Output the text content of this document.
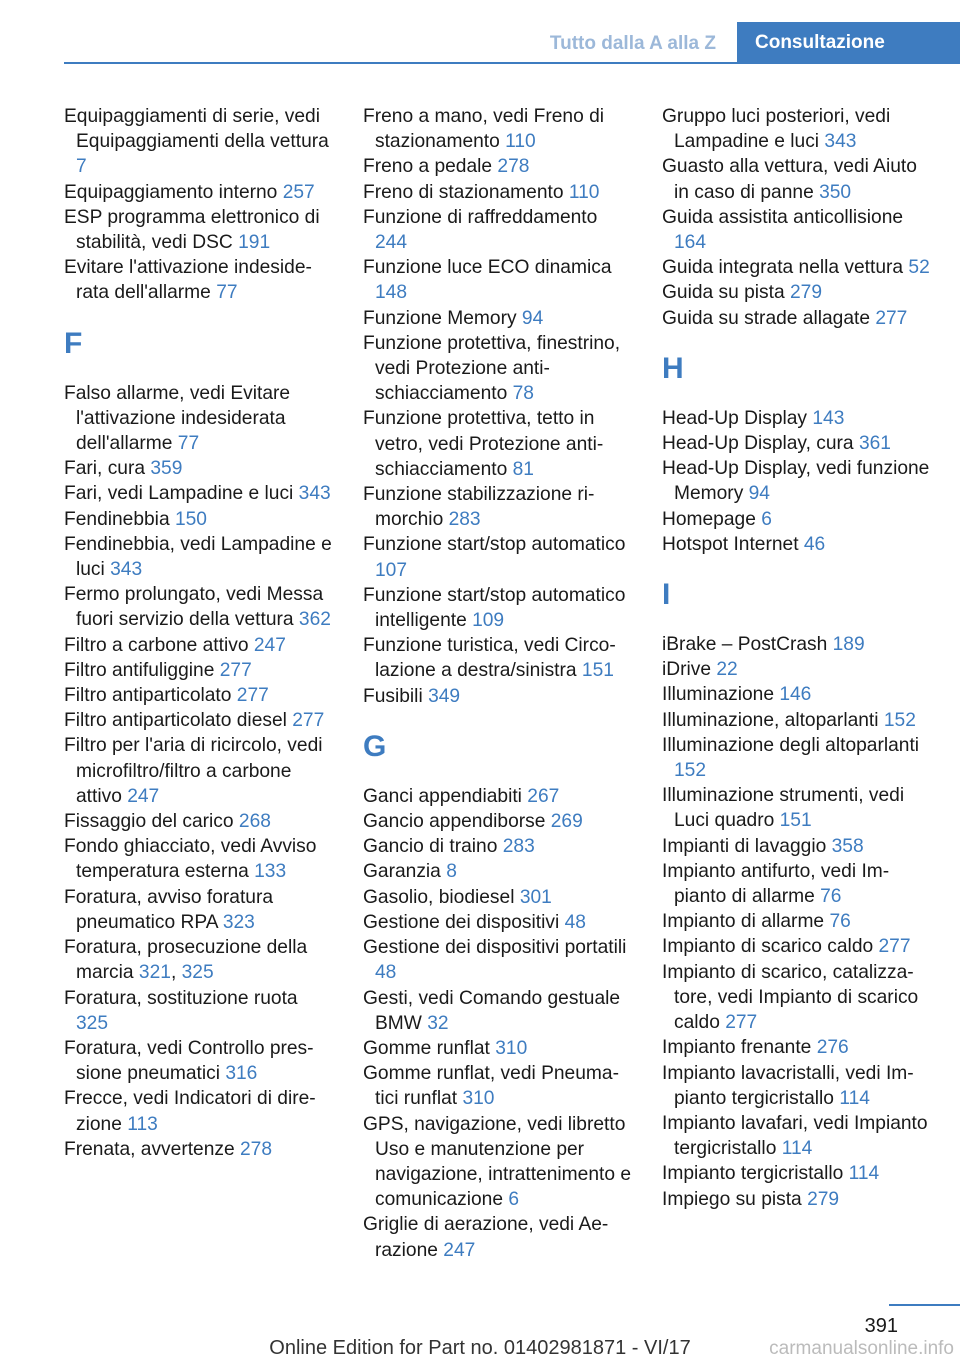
Tutto dalla A alla Z	Consultazione
Equipaggiamenti di serie, vedi Equipaggiamenti della vettura 7
Equipaggiamento interno 257
ESP programma elettronico di stabilità, vedi DSC 191
Evitare l'attivazione indesiderata dell'allarme 77
F
Falso allarme, vedi Evitare l'attivazione indesiderata dell'allarme 77
Fari, cura 359
Fari, vedi Lampadine e luci 343
Fendinebbia 150
Fendinebbia, vedi Lampadine e luci 343
Fermo prolungato, vedi Messa fuori servizio della vettura 362
Filtro a carbone attivo 247
Filtro antifuliggine 277
Filtro antiparticolato 277
Filtro antiparticolato diesel 277
Filtro per l'aria di ricircolo, vedi microfiltro/filtro a carbone attivo 247
Fissaggio del carico 268
Fondo ghiacciato, vedi Avviso temperatura esterna 133
Foratura, avviso foratura pneumatico RPA 323
Foratura, prosecuzione della marcia 321, 325
Foratura, sostituzione ruota 325
Foratura, vedi Controllo pressione pneumatici 316
Frecce, vedi Indicatori di direzione 113
Frenata, avvertenze 278
Freno a mano, vedi Freno di stazionamento 110
Freno a pedale 278
Freno di stazionamento 110
Funzione di raffreddamento 244
Funzione luce ECO dinamica 148
Funzione Memory 94
Funzione protettiva, finestrino, vedi Protezione antischiacciamento 78
Funzione protettiva, tetto in vetro, vedi Protezione antischiacciamento 81
Funzione stabilizzazione rimorchio 283
Funzione start/stop automatico 107
Funzione start/stop automatico intelligente 109
Funzione turistica, vedi Circolazione a destra/sinistra 151
Fusibili 349
G
Ganci appendiabiti 267
Gancio appendiborse 269
Gancio di traino 283
Garanzia 8
Gasolio, biodiesel 301
Gestione dei dispositivi 48
Gestione dei dispositivi portatili 48
Gesti, vedi Comando gestuale BMW 32
Gomme runflat 310
Gomme runflat, vedi Pneumatici runflat 310
GPS, navigazione, vedi libretto Uso e manutenzione per navigazione, intrattenimento e comunicazione 6
Griglie di aerazione, vedi Aerazione 247
Gruppo luci posteriori, vedi Lampadine e luci 343
Guasto alla vettura, vedi Aiuto in caso di panne 350
Guida assistita anticollisione 164
Guida integrata nella vettura 52
Guida su pista 279
Guida su strade allagate 277
H
Head-Up Display 143
Head-Up Display, cura 361
Head-Up Display, vedi funzione Memory 94
Homepage 6
Hotspot Internet 46
I
iBrake – PostCrash 189
iDrive 22
Illuminazione 146
Illuminazione, altoparlanti 152
Illuminazione degli altoparlanti 152
Illuminazione strumenti, vedi Luci quadro 151
Impianti di lavaggio 358
Impianto antifurto, vedi Impianto di allarme 76
Impianto di allarme 76
Impianto di scarico caldo 277
Impianto di scarico, catalizzatore, vedi Impianto di scarico caldo 277
Impianto frenante 276
Impianto lavacristalli, vedi Impianto tergicristallo 114
Impianto lavafari, vedi Impianto tergicristallo 114
Impianto tergicristallo 114
Impiego su pista 279
391
Online Edition for Part no. 01402981871 - VI/17	carmanualsonline.info
